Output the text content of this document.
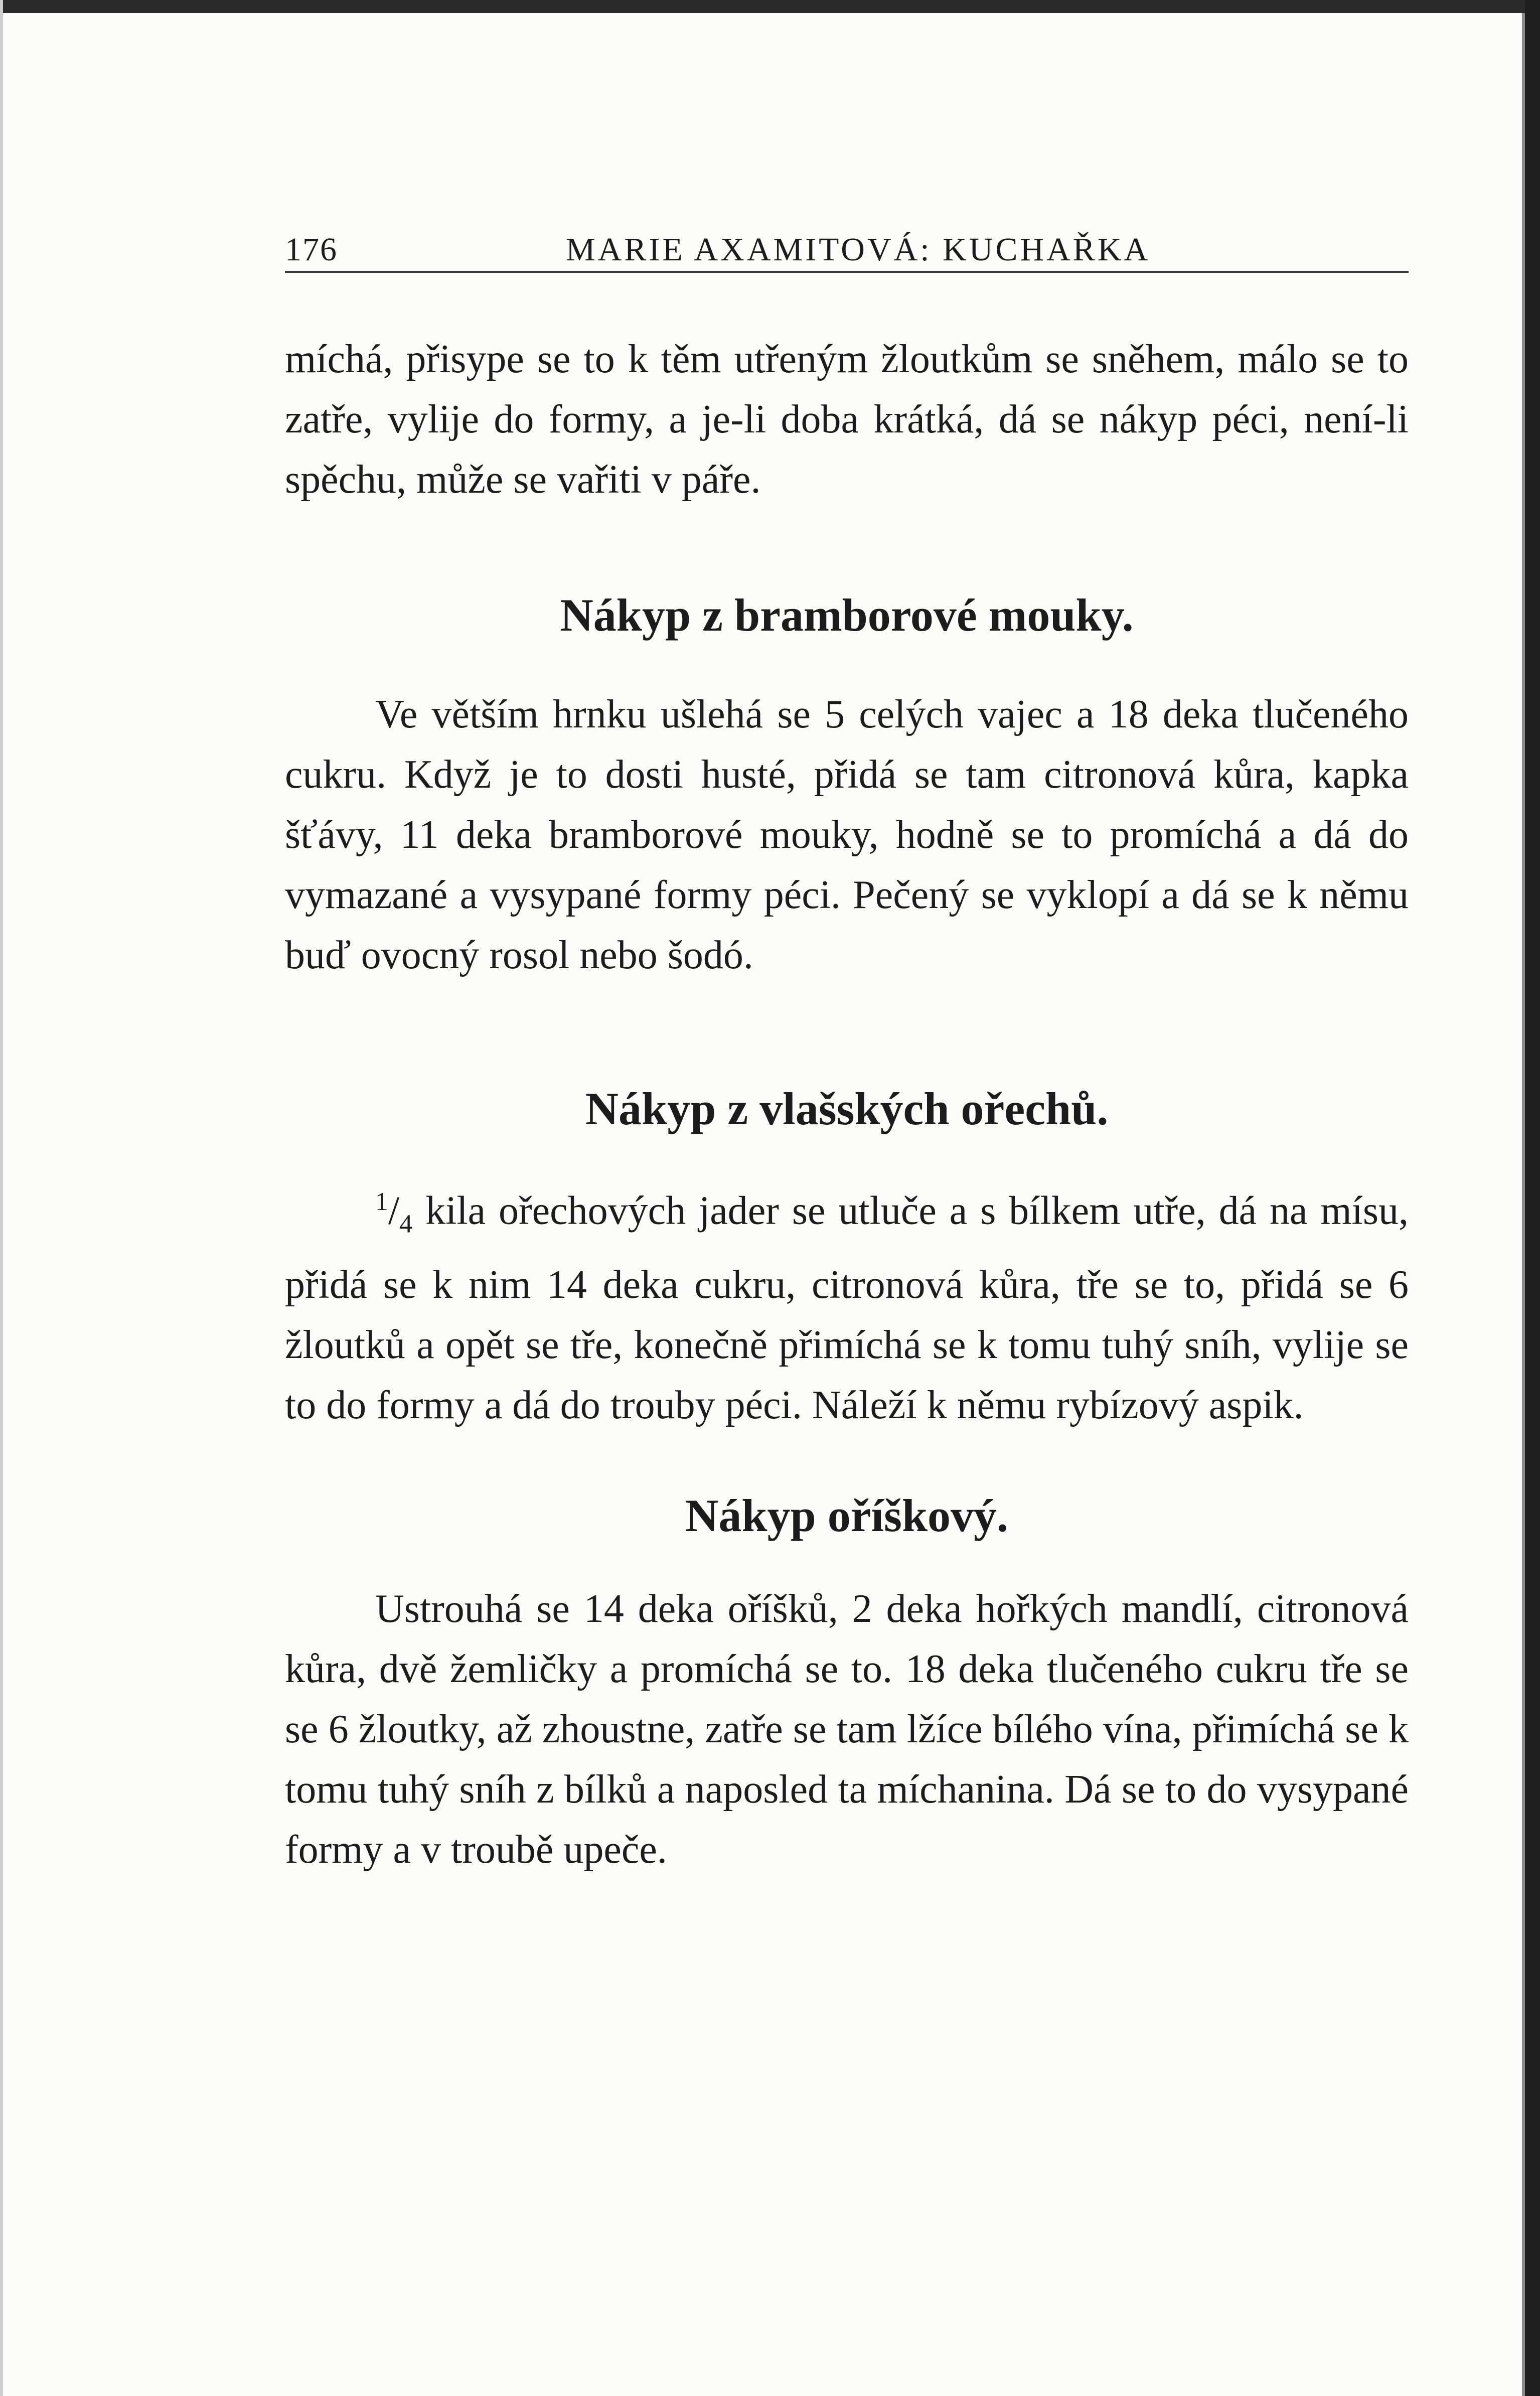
176	MARIE AXAMITOVÁ: KUCHAŘKA

míchá, přisype se to k těm utřeným žloutkům se sněhem, málo se to zatře, vylije do formy, a je-li doba krátká, dá se nákyp péci, není-li spěchu, může se vařiti v páře.

Nákyp z bramborové mouky.

Ve větším hrnku ušlehá se 5 celých vajec a 18 deka tlučeného cukru. Když je to dosti husté, přidá se tam citronová kůra, kapka šťávy, 11 deka bramborové mouky, hodně se to promíchá a dá do vymazané a vysypané formy péci. Pečený se vyklopí a dá se k němu buď ovocný rosol nebo šodó.

Nákyp z vlašských ořechů.

$^1/_4$ kila ořechových jader se utluče a s bílkem utře, dá na mísu, přidá se k nim 14 deka cukru, citronová kůra, tře se to, přidá se 6 žloutků a opět se tře, konečně přimíchá se k tomu tuhý sníh, vylije se to do formy a dá do trouby péci. Náleží k němu rybízový aspik.

Nákyp oříškový.

Ustrouhá se 14 deka oříšků, 2 deka hořkých mandlí, citronová kůra, dvě žemličky a promíchá se to. 18 deka tlučeného cukru tře se se 6 žloutky, až zhoustne, zatře se tam lžíce bílého vína, přimíchá se k tomu tuhý sníh z bílků a naposled ta míchanina. Dá se to do vysypané formy a v troubě upeče.
